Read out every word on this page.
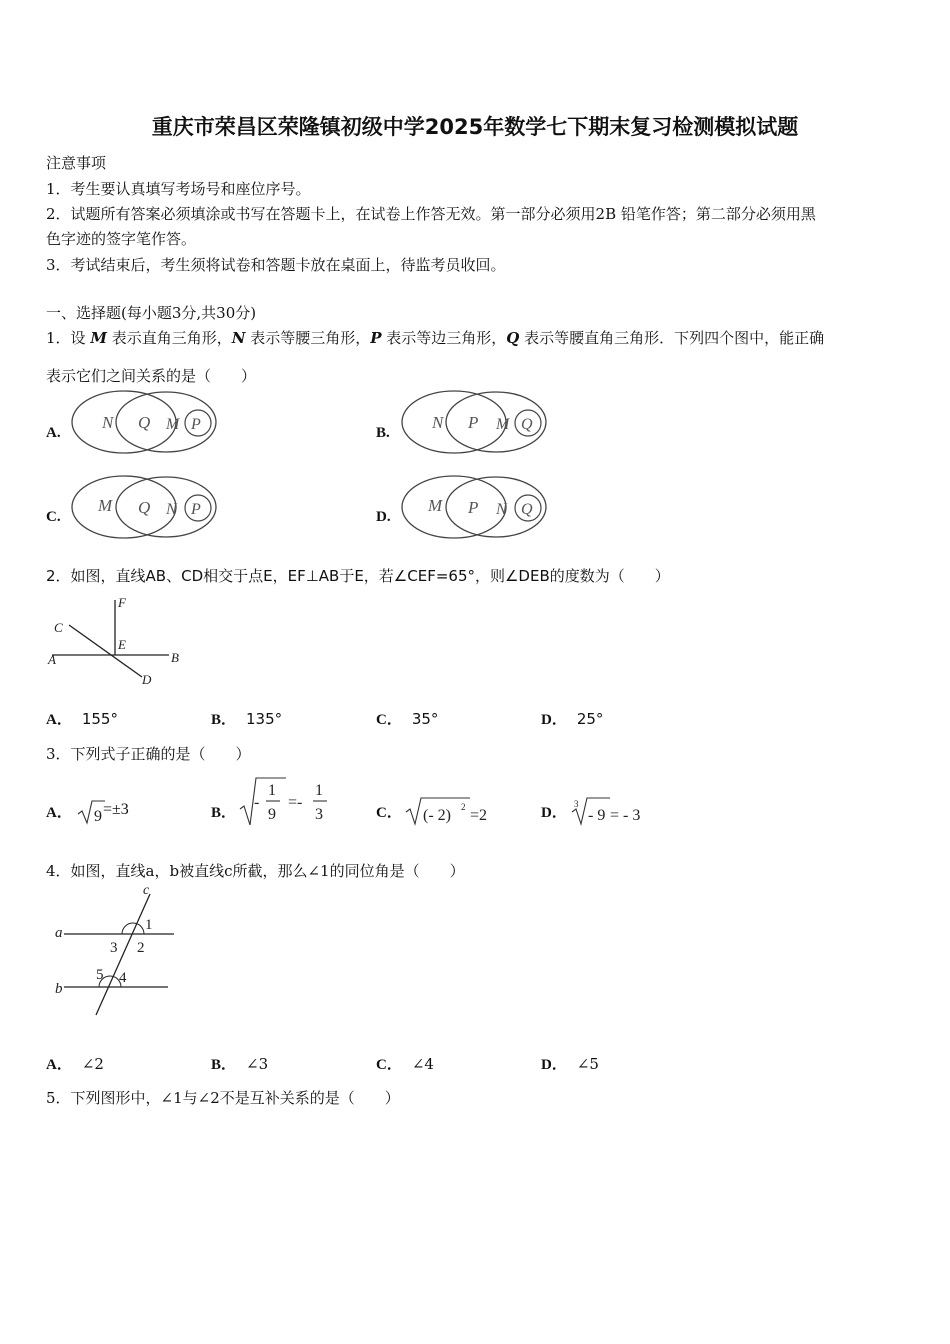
重庆市荣昌区荣隆镇初级中学2025年数学七下期末复习检测模拟试题
注意事项
1．考生要认真填写考场号和座位序号。
2．试题所有答案必须填涂或书写在答题卡上，在试卷上作答无效。第一部分必须用2B 铅笔作答；第二部分必须用黑
色字迹的签字笔作答。
3．考试结束后，考生须将试卷和答题卡放在桌面上，待监考员收回。
一、选择题(每小题3分,共30分)
1．设 M 表示直角三角形，N 表示等腰三角形，P 表示等边三角形，Q 表示等腰直角三角形．下列四个图中，能正确
表示它们之间关系的是（　　）
A.
N Q M P	B.
N P M Q
C.
M Q N P	D.
M P N Q
2．如图，直线AB、CD相交于点E，EF⊥AB于E，若∠CEF=65°，则∠DEB的度数为（　　）
F
C
E
A	B
D
A． 155°	B． 135°	C． 35°	D． 25°
3．下列式子正确的是（　　）
A．	9 =±3	B．
-
1
9
=-
1
3	C．	(- 2) 2 =2	D．
3
- 9 = - 3
4．如图，直线a，b被直线c所截，那么∠1的同位角是（　　）
c
a
b
1
2
3
4
5
A． ∠2	B． ∠3	C． ∠4	D． ∠5
5．下列图形中，∠1与∠2不是互补关系的是（　　）
